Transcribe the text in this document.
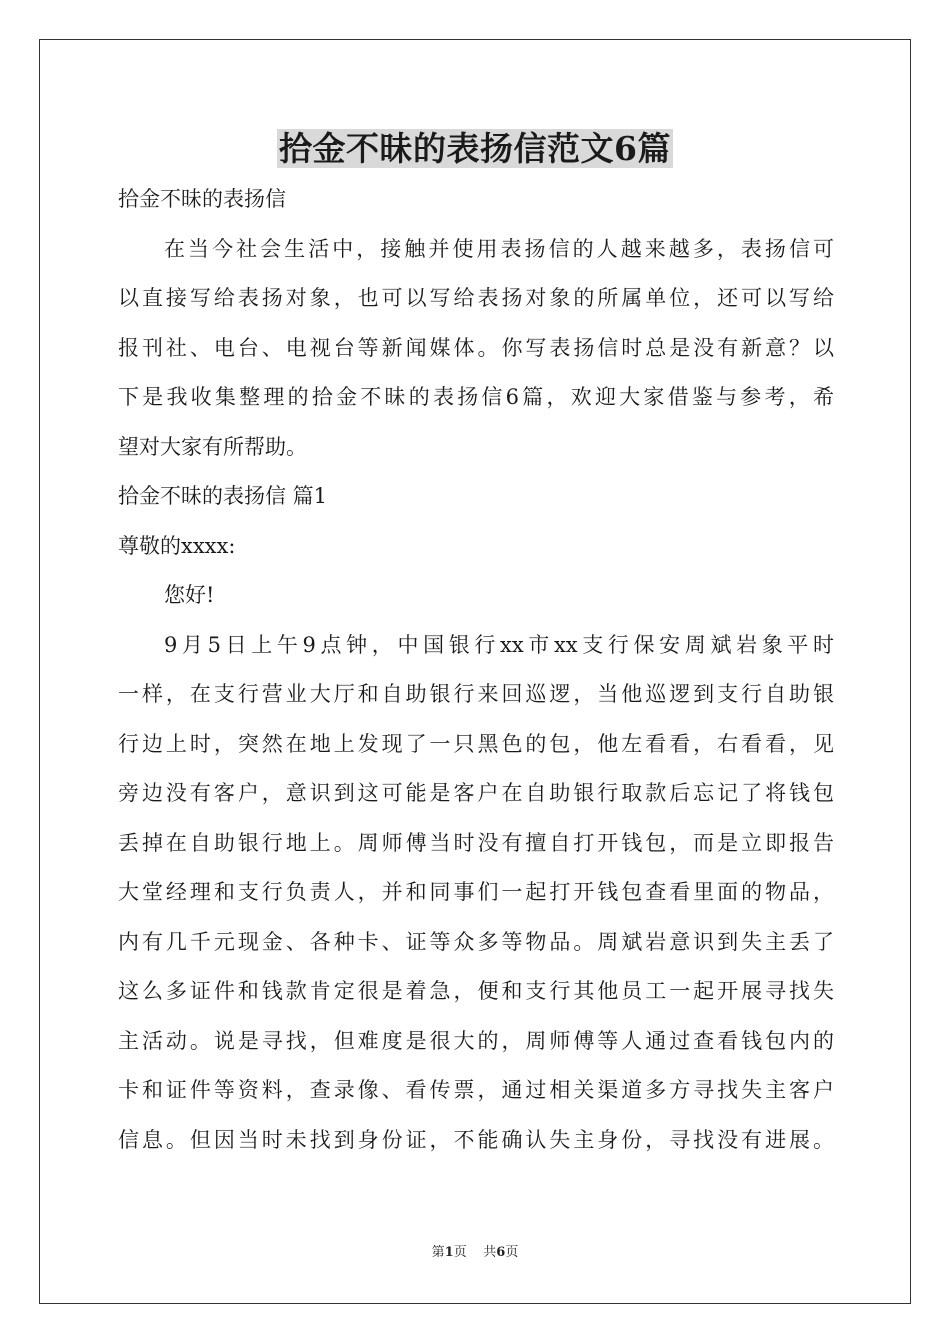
拾金不昧的表扬信范文6篇
拾金不昧的表扬信
在当今社会生活中，接触并使用表扬信的人越来越多，表扬信可
以直接写给表扬对象，也可以写给表扬对象的所属单位，还可以写给
报刊社、电台、电视台等新闻媒体。你写表扬信时总是没有新意？以
下是我收集整理的拾金不昧的表扬信6篇，欢迎大家借鉴与参考，希
望对大家有所帮助。
拾金不昧的表扬信 篇1
尊敬的xxxx:
您好!
9月5日上午9点钟，中国银行xx市xx支行保安周斌岩象平时
一样，在支行营业大厅和自助银行来回巡逻，当他巡逻到支行自助银
行边上时，突然在地上发现了一只黑色的包，他左看看，右看看，见
旁边没有客户，意识到这可能是客户在自助银行取款后忘记了将钱包
丢掉在自助银行地上。周师傅当时没有擅自打开钱包，而是立即报告
大堂经理和支行负责人，并和同事们一起打开钱包查看里面的物品，
内有几千元现金、各种卡、证等众多等物品。周斌岩意识到失主丢了
这么多证件和钱款肯定很是着急，便和支行其他员工一起开展寻找失
主活动。说是寻找，但难度是很大的，周师傅等人通过查看钱包内的
卡和证件等资料，查录像、看传票，通过相关渠道多方寻找失主客户
信息。但因当时未找到身份证，不能确认失主身份，寻找没有进展。
第1页 共6页
